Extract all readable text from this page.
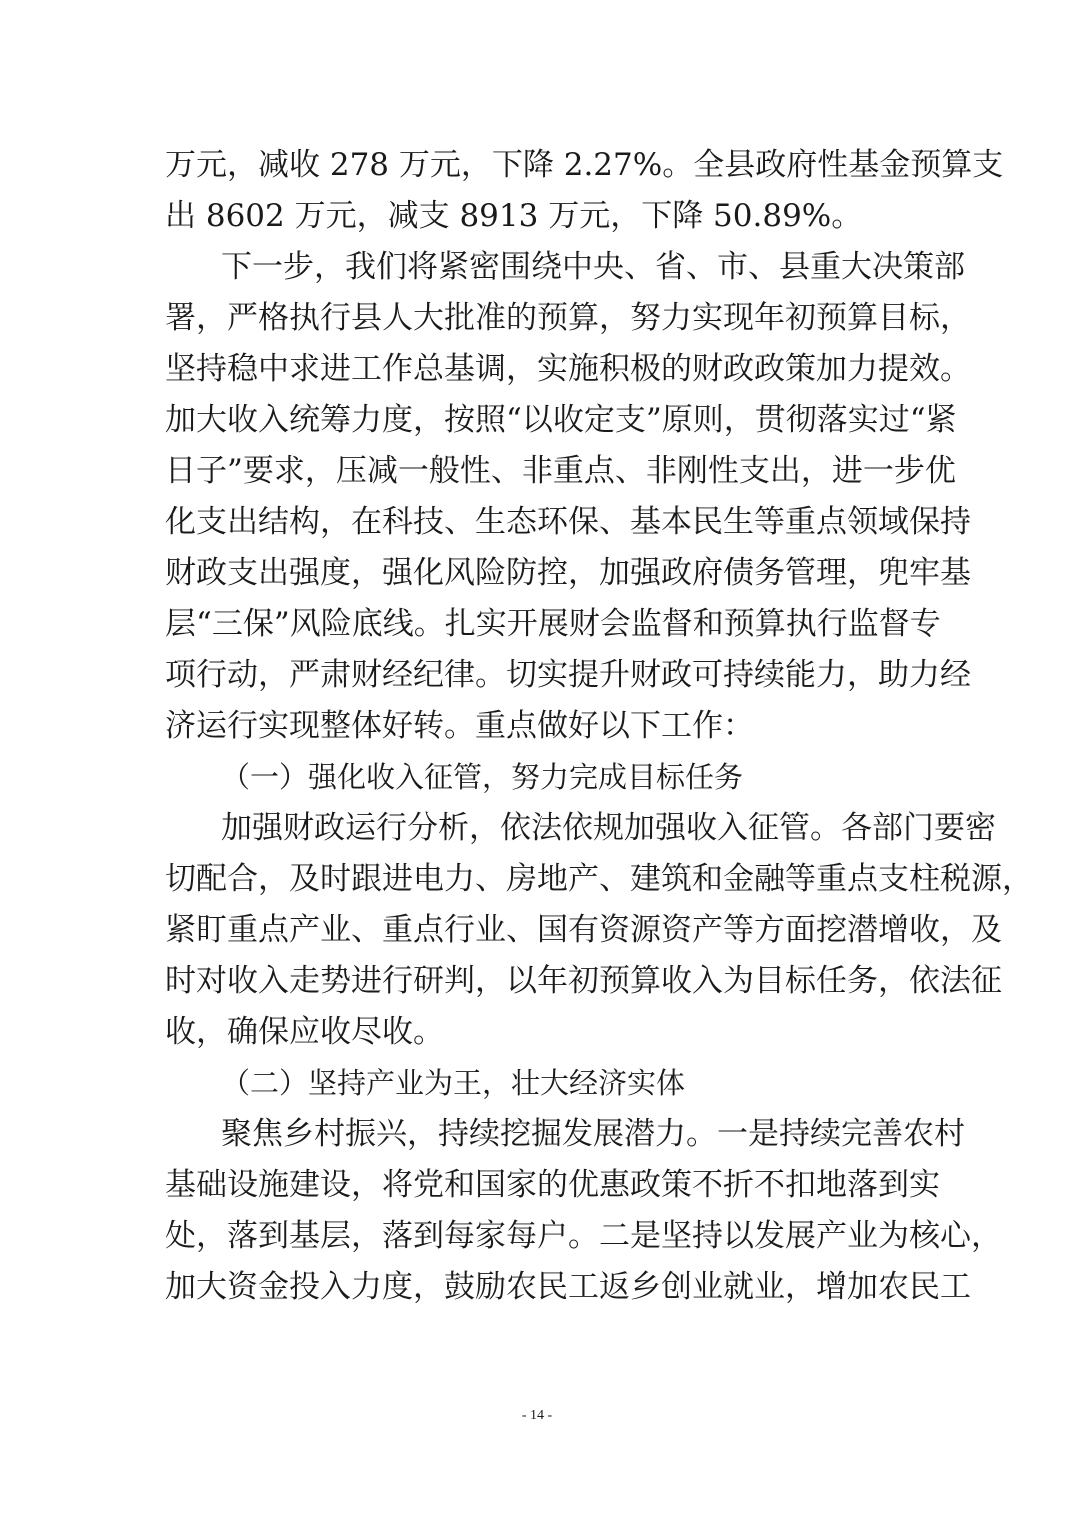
万元，减收 278 万元，下降 2.27%。全县政府性基金预算支
出 8602 万元，减支 8913 万元，下降 50.89%。
下一步，我们将紧密围绕中央、省、市、县重大决策部
署，严格执行县人大批准的预算，努力实现年初预算目标，
坚持稳中求进工作总基调，实施积极的财政政策加力提效。
加大收入统筹力度，按照“以收定支”原则，贯彻落实过“紧
日子”要求，压减一般性、非重点、非刚性支出，进一步优
化支出结构，在科技、生态环保、基本民生等重点领域保持
财政支出强度，强化风险防控，加强政府债务管理，兜牢基
层“三保”风险底线。扎实开展财会监督和预算执行监督专
项行动，严肃财经纪律。切实提升财政可持续能力，助力经
济运行实现整体好转。重点做好以下工作：
（一）强化收入征管，努力完成目标任务
加强财政运行分析，依法依规加强收入征管。各部门要密
切配合，及时跟进电力、房地产、建筑和金融等重点支柱税源，
紧盯重点产业、重点行业、国有资源资产等方面挖潜增收，及
时对收入走势进行研判，以年初预算收入为目标任务，依法征
收，确保应收尽收。
（二）坚持产业为王，壮大经济实体
聚焦乡村振兴，持续挖掘发展潜力。一是持续完善农村
基础设施建设，将党和国家的优惠政策不折不扣地落到实
处，落到基层，落到每家每户。二是坚持以发展产业为核心，
加大资金投入力度，鼓励农民工返乡创业就业，增加农民工
- 14 -
